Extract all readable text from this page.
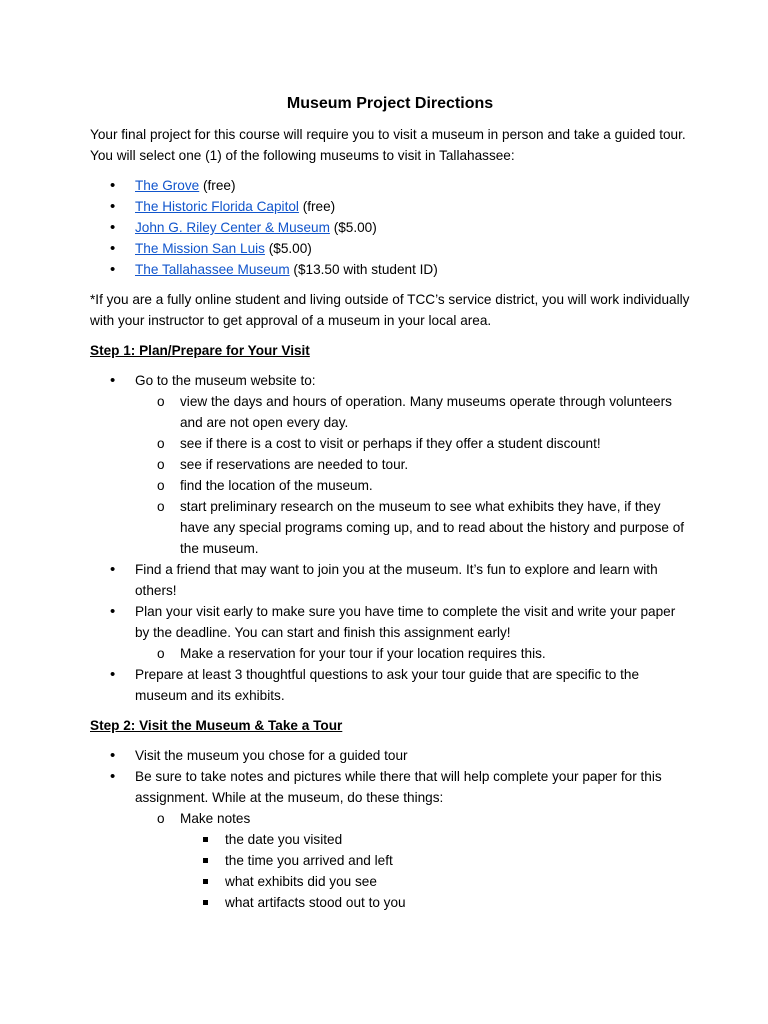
Museum Project Directions

Your final project for this course will require you to visit a museum in person and take a guided tour. You will select one (1) of the following museums to visit in Tallahassee:

•	The Grove (free)
•	The Historic Florida Capitol (free)
•	John G. Riley Center & Museum ($5.00)
•	The Mission San Luis ($5.00)
•	The Tallahassee Museum ($13.50 with student ID)

*If you are a fully online student and living outside of TCC’s service district, you will work individually with your instructor to get approval of a museum in your local area.

Step 1: Plan/Prepare for Your Visit
•	Go to the museum website to:
o view the days and hours of operation. Many museums operate through volunteers and are not open every day.
o see if there is a cost to visit or perhaps if they offer a student discount!
o see if reservations are needed to tour.
o find the location of the museum.
o start preliminary research on the museum to see what exhibits they have, if they have any special programs coming up, and to read about the history and purpose of the museum.
•	Find a friend that may want to join you at the museum. It’s fun to explore and learn with others!
•	Plan your visit early to make sure you have time to complete the visit and write your paper by the deadline. You can start and finish this assignment early!
o Make a reservation for your tour if your location requires this.
•	Prepare at least 3 thoughtful questions to ask your tour guide that are specific to the museum and its exhibits.
Step 2: Visit the Museum & Take a Tour
•	Visit the museum you chose for a guided tour
•	Be sure to take notes and pictures while there that will help complete your paper for this assignment. While at the museum, do these things:
o Make notes
the date you visited
the time you arrived and left
what exhibits did you see
what artifacts stood out to you
